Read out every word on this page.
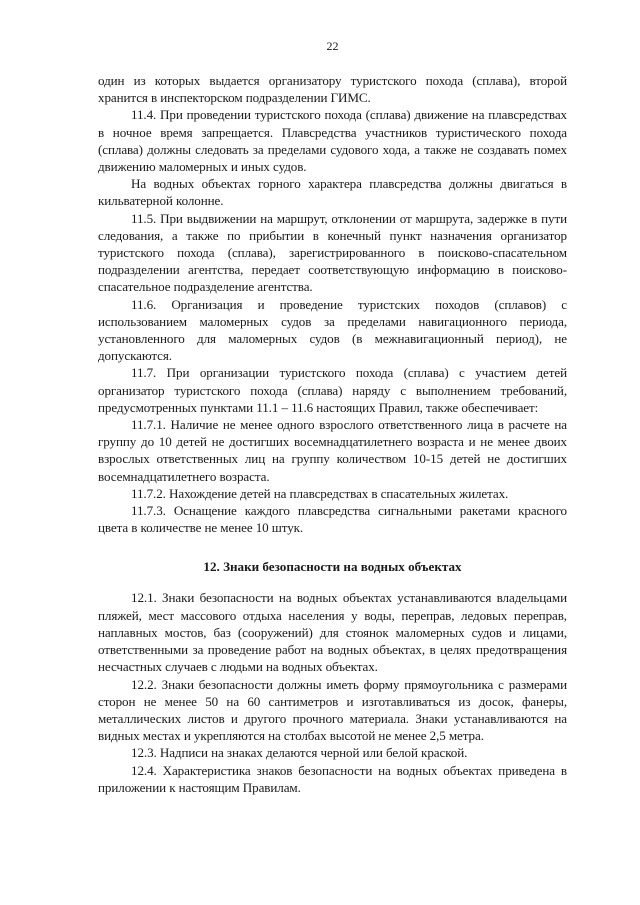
22

один из которых выдается организатору туристского похода (сплава), второй хранится в инспекторском подразделении ГИМС.

11.4. При проведении туристского похода (сплава) движение на плавсредствах в ночное время запрещается. Плавсредства участников туристического похода (сплава) должны следовать за пределами судового хода, а также не создавать помех движению маломерных и иных судов.

На водных объектах горного характера плавсредства должны двигаться в кильватерной колонне.

11.5. При выдвижении на маршрут, отклонении от маршрута, задержке в пути следования, а также по прибытии в конечный пункт назначения организатор туристского похода (сплава), зарегистрированного в поисково-спасательном подразделении агентства, передает соответствующую информацию в поисково-спасательное подразделение агентства.

11.6. Организация и проведение туристских походов (сплавов) с использованием маломерных судов за пределами навигационного периода, установленного для маломерных судов (в межнавигационный период), не допускаются.

11.7. При организации туристского похода (сплава) с участием детей организатор туристского похода (сплава) наряду с выполнением требований, предусмотренных пунктами 11.1 – 11.6 настоящих Правил, также обеспечивает:

11.7.1. Наличие не менее одного взрослого ответственного лица в расчете на группу до 10 детей не достигших восемнадцатилетнего возраста и не менее двоих взрослых ответственных лиц на группу количеством 10-15 детей не достигших восемнадцатилетнего возраста.

11.7.2. Нахождение детей на плавсредствах в спасательных жилетах.

11.7.3. Оснащение каждого плавсредства сигнальными ракетами красного цвета в количестве не менее 10 штук.

12. Знаки безопасности на водных объектах

12.1. Знаки безопасности на водных объектах устанавливаются владельцами пляжей, мест массового отдыха населения у воды, переправ, ледовых переправ, наплавных мостов, баз (сооружений) для стоянок маломерных судов и лицами, ответственными за проведение работ на водных объектах, в целях предотвращения несчастных случаев с людьми на водных объектах.

12.2. Знаки безопасности должны иметь форму прямоугольника с размерами сторон не менее 50 на 60 сантиметров и изготавливаться из досок, фанеры, металлических листов и другого прочного материала. Знаки устанавливаются на видных местах и укрепляются на столбах высотой не менее 2,5 метра.

12.3. Надписи на знаках делаются черной или белой краской.

12.4. Характеристика знаков безопасности на водных объектах приведена в приложении к настоящим Правилам.
